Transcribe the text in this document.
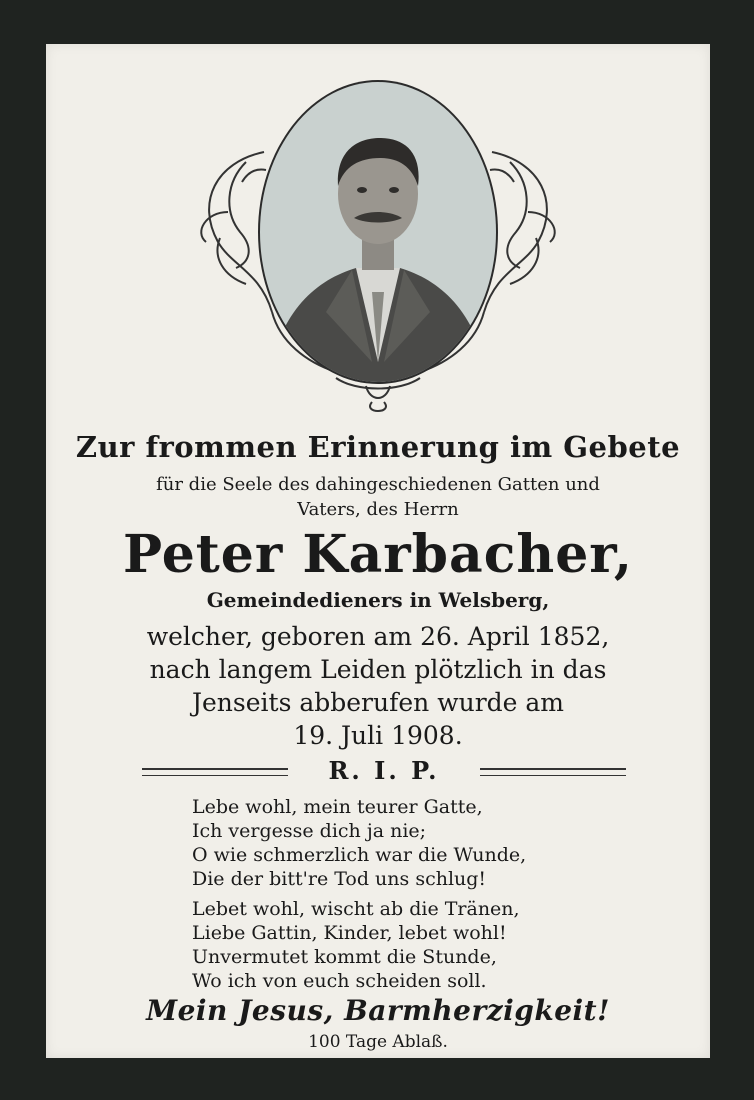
Zur frommen Erinnerung im Gebete
für die Seele des dahingeschiedenen Gatten und
Vaters, des Herrn
Peter Karbacher,
Gemeindedieners in Welsberg,
welcher, geboren am 26. April 1852,
nach langem Leiden plötzlich in das
Jenseits abberufen wurde am
19. Juli 1908.
R. I. P.
Lebe wohl, mein teurer Gatte,
Ich vergesse dich ja nie;
O wie schmerzlich war die Wunde,
Die der bitt're Tod uns schlug!
Lebet wohl, wischt ab die Tränen,
Liebe Gattin, Kinder, lebet wohl!
Unvermutet kommt die Stunde,
Wo ich von euch scheiden soll.
Mein Jesus, Barmherzigkeit!
100 Tage Ablaß.
